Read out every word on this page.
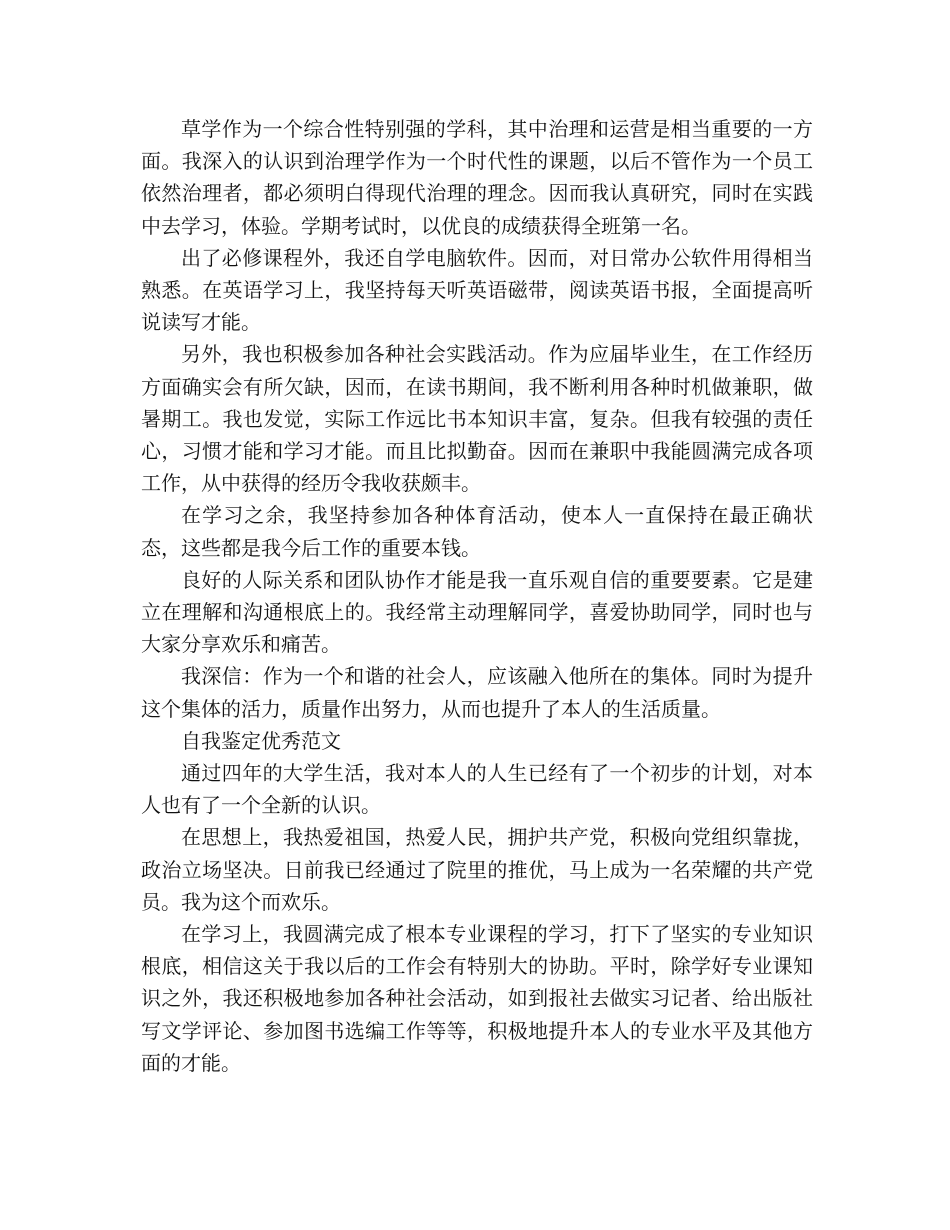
草学作为一个综合性特别强的学科，其中治理和运营是相当重要的一方面。我深入的认识到治理学作为一个时代性的课题，以后不管作为一个员工依然治理者，都必须明白得现代治理的理念。因而我认真研究，同时在实践中去学习，体验。学期考试时，以优良的成绩获得全班第一名。

出了必修课程外，我还自学电脑软件。因而，对日常办公软件用得相当熟悉。在英语学习上，我坚持每天听英语磁带，阅读英语书报，全面提高听说读写才能。

另外，我也积极参加各种社会实践活动。作为应届毕业生，在工作经历方面确实会有所欠缺，因而，在读书期间，我不断利用各种时机做兼职，做暑期工。我也发觉，实际工作远比书本知识丰富，复杂。但我有较强的责任心，习惯才能和学习才能。而且比拟勤奋。因而在兼职中我能圆满完成各项工作，从中获得的经历令我收获颇丰。

在学习之余，我坚持参加各种体育活动，使本人一直保持在最正确状态，这些都是我今后工作的重要本钱。

良好的人际关系和团队协作才能是我一直乐观自信的重要要素。它是建立在理解和沟通根底上的。我经常主动理解同学，喜爱协助同学，同时也与大家分享欢乐和痛苦。

我深信：作为一个和谐的社会人，应该融入他所在的集体。同时为提升这个集体的活力，质量作出努力，从而也提升了本人的生活质量。

自我鉴定优秀范文

通过四年的大学生活，我对本人的人生已经有了一个初步的计划，对本人也有了一个全新的认识。

在思想上，我热爱祖国，热爱人民，拥护共产党，积极向党组织靠拢，政治立场坚决。日前我已经通过了院里的推优，马上成为一名荣耀的共产党员。我为这个而欢乐。

在学习上，我圆满完成了根本专业课程的学习，打下了坚实的专业知识根底，相信这关于我以后的工作会有特别大的协助。平时，除学好专业课知识之外，我还积极地参加各种社会活动，如到报社去做实习记者、给出版社写文学评论、参加图书选编工作等等，积极地提升本人的专业水平及其他方面的才能。
